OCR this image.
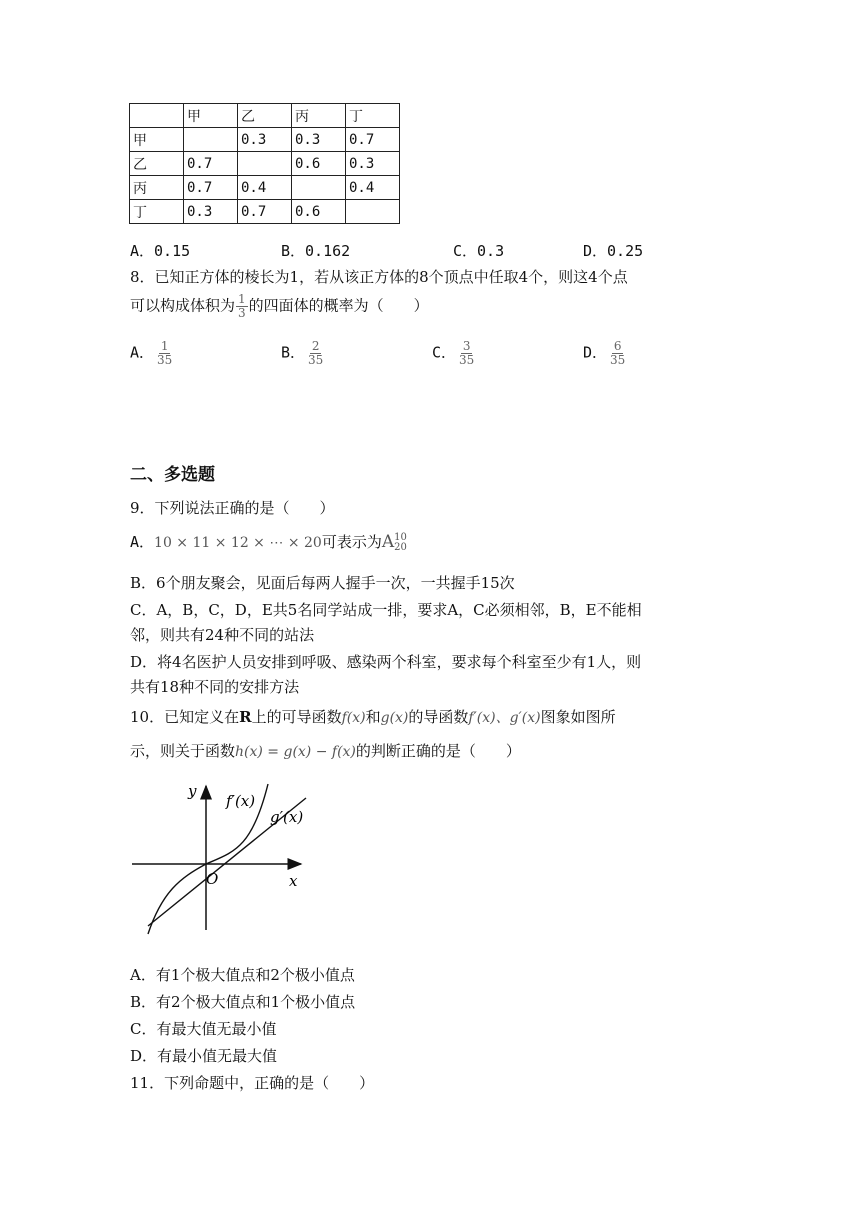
	甲	乙	丙	丁
甲		0.3	0.3	0.7
乙	0.7		0.6	0.3
丙	0.7	0.4		0.4
丁	0.3	0.7	0.6	
A．0.15	B．0.162	C．0.3	D．0.25
8．已知正方体的棱长为1，若从该正方体的8个顶点中任取4个，则这4个点
可以构成体积为 $\frac{1}{3}$ 的四面体的概率为（　　）
A． $\frac{1}{35}$	B． $\frac{2}{35}$	C． $\frac{3}{35}$	D． $\frac{6}{35}$
二、多选题
9．下列说法正确的是（　　）
A．10 × 11 × 12 × ⋯ × 20可表示为A 10
20
B．6个朋友聚会，见面后每两人握手一次，一共握手15次
C．A，B，C，D，E共5名同学站成一排，要求A，C必须相邻，B，E不能相
邻，则共有24种不同的站法
D．将4名医护人员安排到呼吸、感染两个科室，要求每个科室至少有1人，则
共有18种不同的安排方法
10．已知定义在R上的可导函数f(x)和g(x)的导函数f′(x)、g′(x)图象如图所
示，则关于函数h(x) = g(x) − f(x)的判断正确的是（　　）
y
x
O
f′(x)
g′(x)
A．有1个极大值点和2个极小值点
B．有2个极大值点和1个极小值点
C．有最大值无最小值
D．有最小值无最大值
11．下列命题中，正确的是（　　）
